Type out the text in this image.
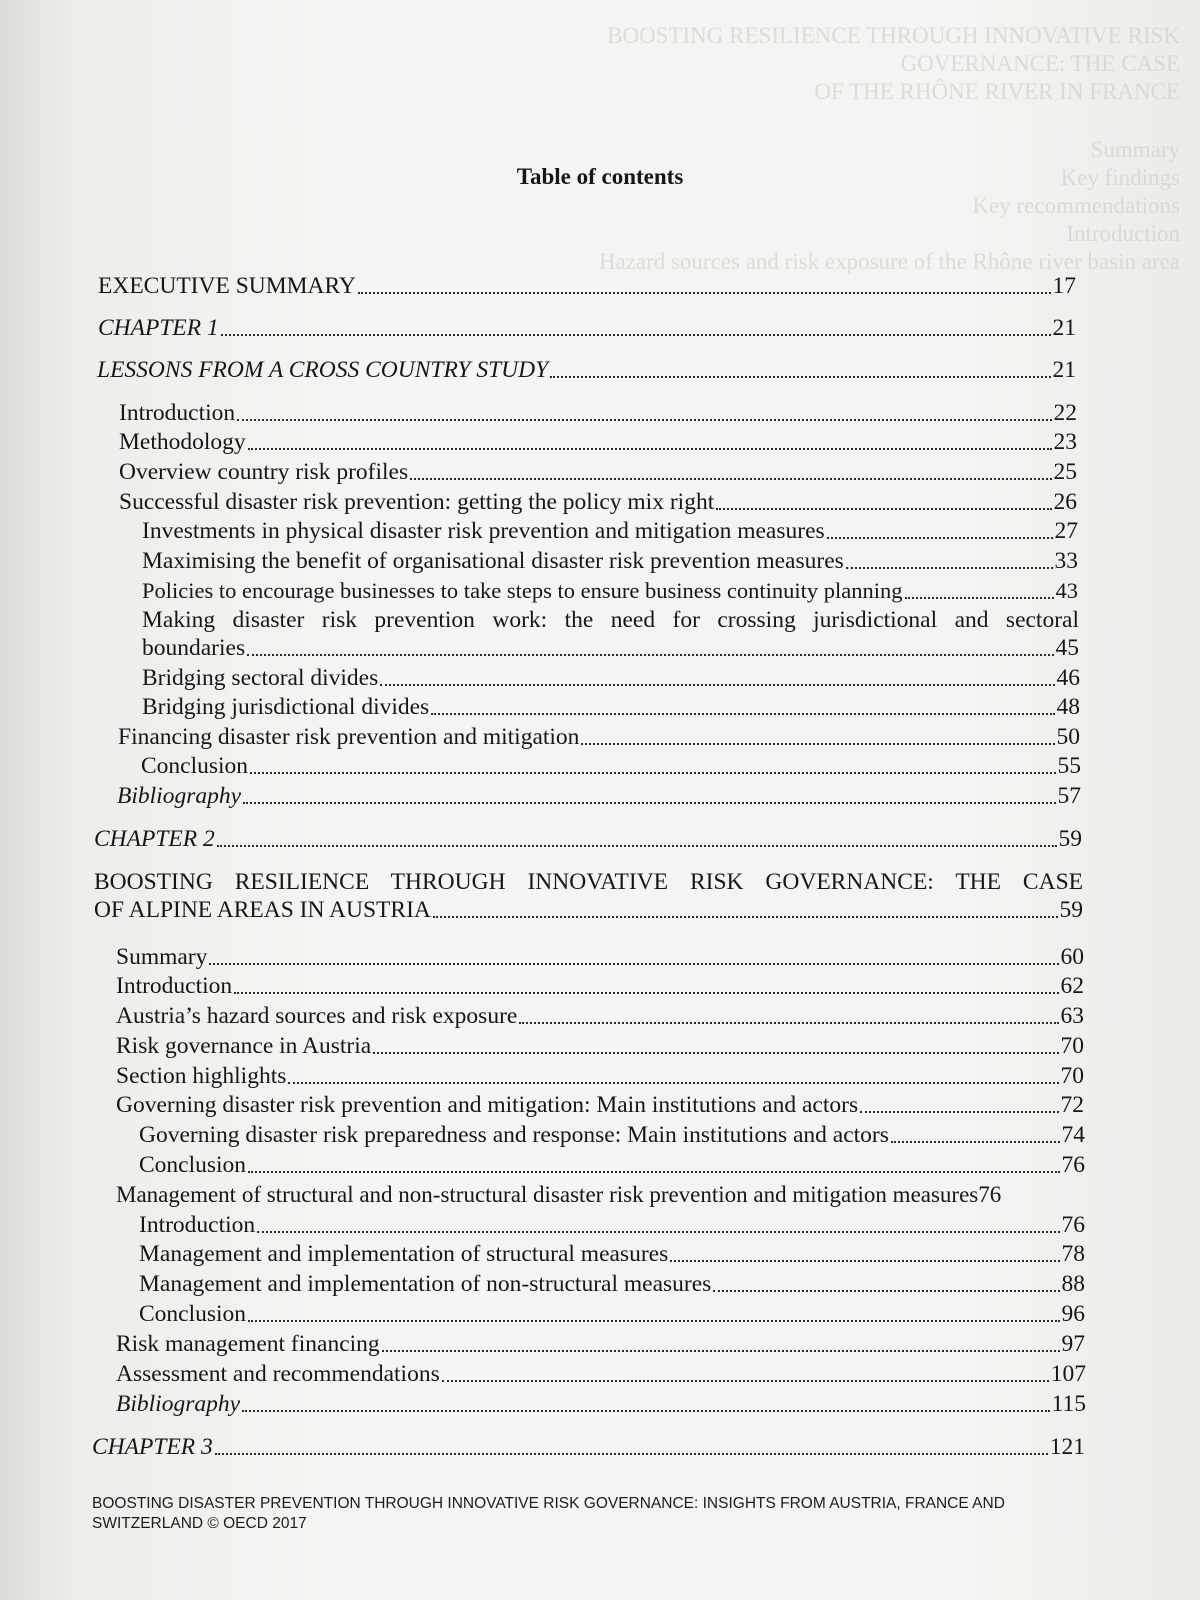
BOOSTING RESILIENCE THROUGH INNOVATIVE RISK GOVERNANCE: THE CASE
OF THE RHÔNE RIVER IN FRANCE
Summary
Key findings
Key recommendations
Introduction
Hazard sources and risk exposure of the Rhône river basin area
Table of contents
EXECUTIVE SUMMARY	17
CHAPTER 1	21
LESSONS FROM A CROSS COUNTRY STUDY	21
Introduction	22
Methodology	23
Overview country risk profiles	25
Successful disaster risk prevention: getting the policy mix right	26
Investments in physical disaster risk prevention and mitigation measures	27
Maximising the benefit of organisational disaster risk prevention measures	33
Policies to encourage businesses to take steps to ensure business continuity planning	43
Making disaster risk prevention work: the need for crossing jurisdictional and sectoral
boundaries	45
Bridging sectoral divides	46
Bridging jurisdictional divides	48
Financing disaster risk prevention and mitigation	50
Conclusion	55
Bibliography	57
CHAPTER 2	59
BOOSTING RESILIENCE THROUGH INNOVATIVE RISK GOVERNANCE: THE CASE
OF ALPINE AREAS IN AUSTRIA	59
Summary	60
Introduction	62
Austria’s hazard sources and risk exposure	63
Risk governance in Austria	70
Section highlights	70
Governing disaster risk prevention and mitigation: Main institutions and actors	72
Governing disaster risk preparedness and response: Main institutions and actors	74
Conclusion	76
Management of structural and non-structural disaster risk prevention and mitigation measures 76
Introduction	76
Management and implementation of structural measures	78
Management and implementation of non-structural measures	88
Conclusion	96
Risk management financing	97
Assessment and recommendations	107
Bibliography	115
CHAPTER 3	121
BOOSTING DISASTER PREVENTION THROUGH INNOVATIVE RISK GOVERNANCE: INSIGHTS FROM AUSTRIA, FRANCE AND
SWITZERLAND © OECD 2017
